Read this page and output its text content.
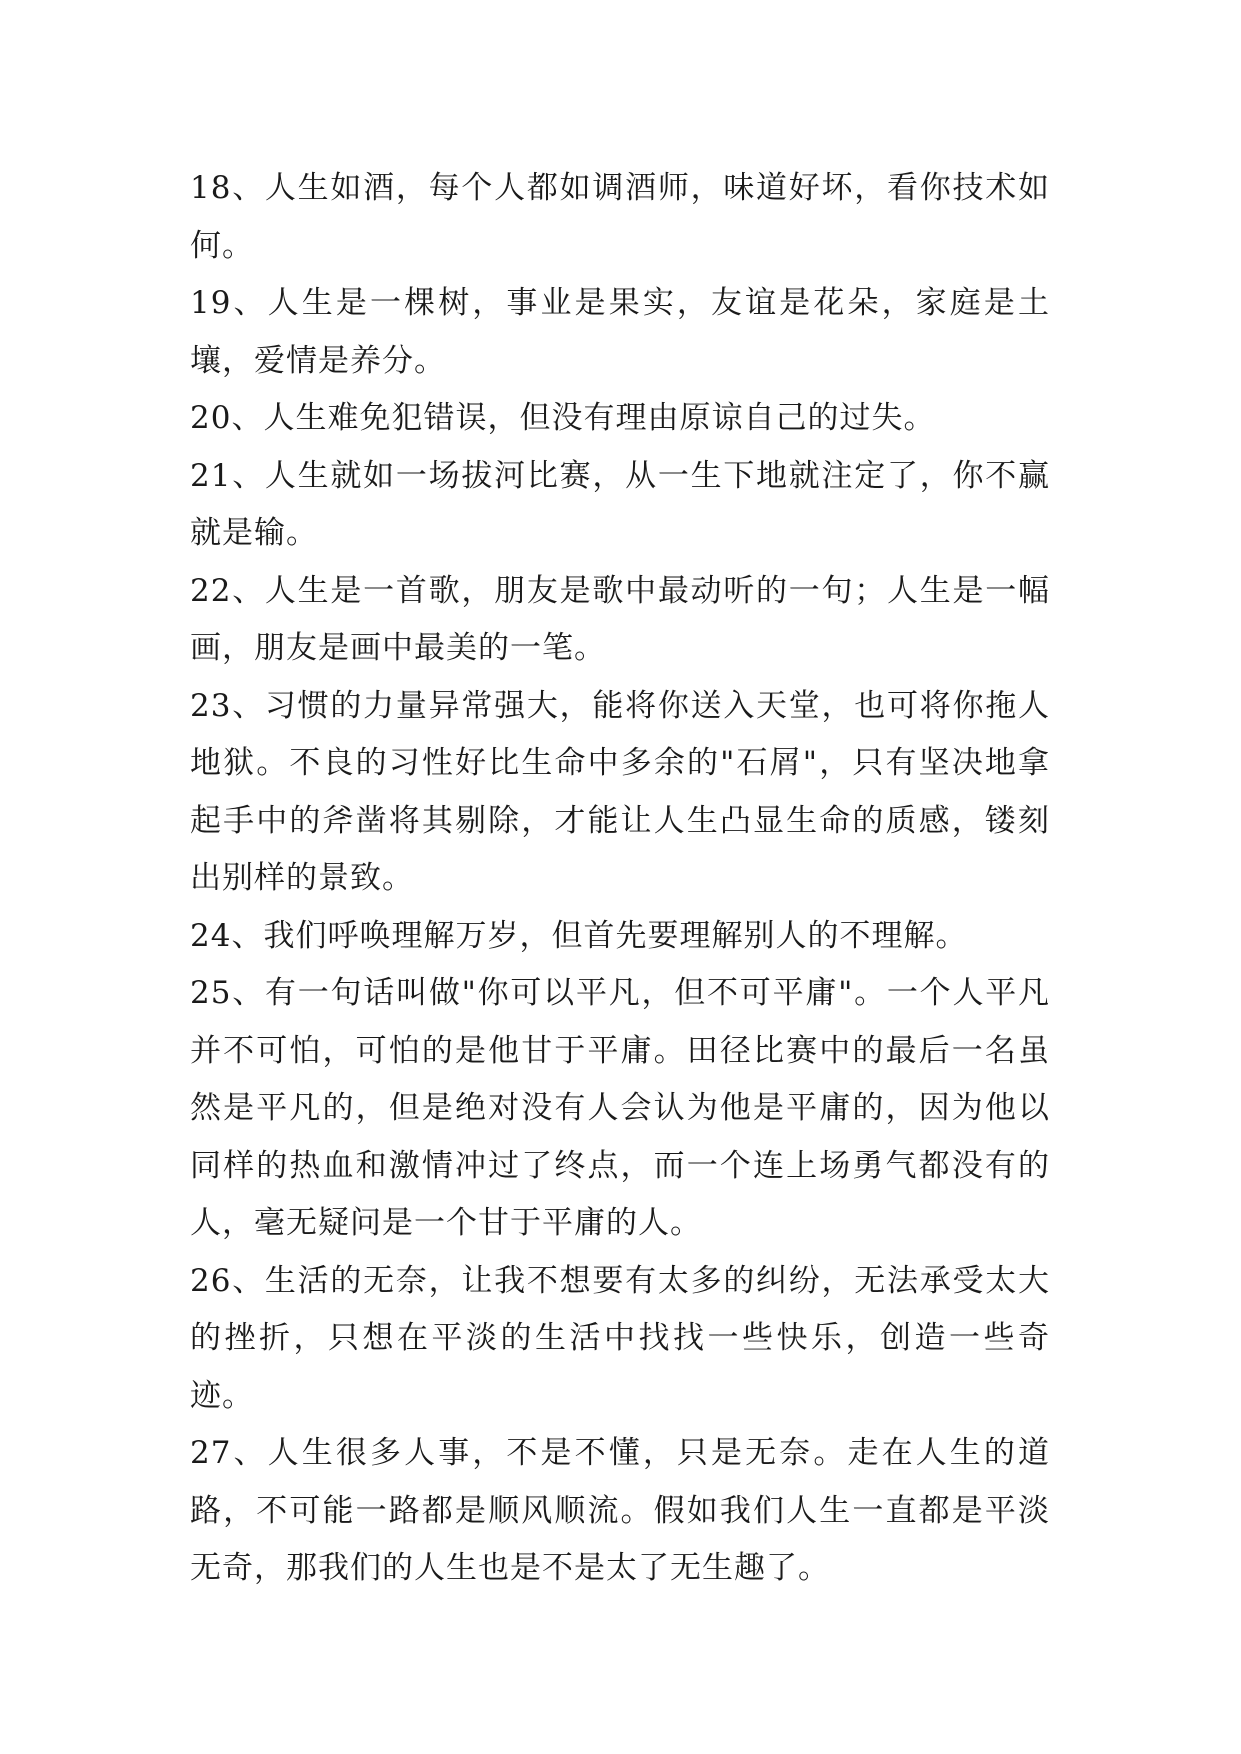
18、人生如酒，每个人都如调酒师，味道好坏，看你技术如何。

19、人生是一棵树，事业是果实，友谊是花朵，家庭是土壤，爱情是养分。

20、人生难免犯错误，但没有理由原谅自己的过失。

21、人生就如一场拔河比赛，从一生下地就注定了，你不赢就是输。

22、人生是一首歌，朋友是歌中最动听的一句；人生是一幅画，朋友是画中最美的一笔。

23、习惯的力量异常强大，能将你送入天堂，也可将你拖人地狱。不良的习性好比生命中多余的"石屑"，只有坚决地拿起手中的斧凿将其剔除，才能让人生凸显生命的质感，镂刻出别样的景致。

24、我们呼唤理解万岁，但首先要理解别人的不理解。

25、有一句话叫做"你可以平凡，但不可平庸"。一个人平凡并不可怕，可怕的是他甘于平庸。田径比赛中的最后一名虽然是平凡的，但是绝对没有人会认为他是平庸的，因为他以同样的热血和激情冲过了终点，而一个连上场勇气都没有的人，毫无疑问是一个甘于平庸的人。

26、生活的无奈，让我不想要有太多的纠纷，无法承受太大的挫折，只想在平淡的生活中找找一些快乐，创造一些奇迹。

27、人生很多人事，不是不懂，只是无奈。走在人生的道路，不可能一路都是顺风顺流。假如我们人生一直都是平淡无奇，那我们的人生也是不是太了无生趣了。
